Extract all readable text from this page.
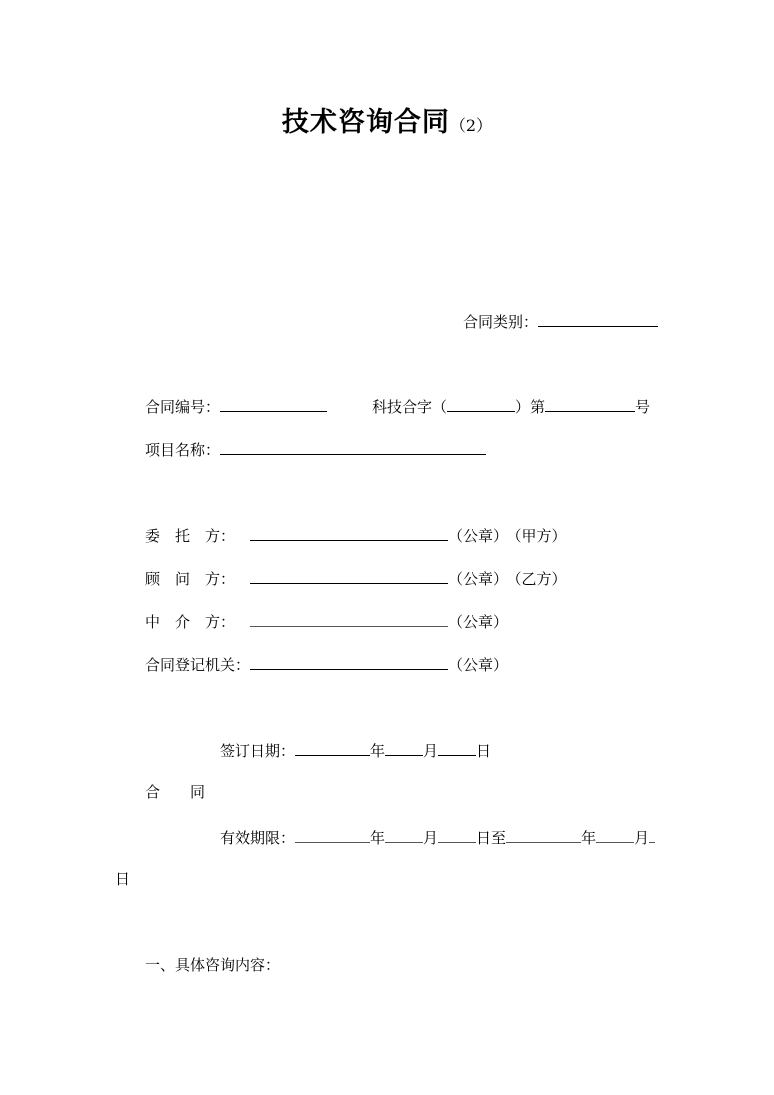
技术咨询合同（2）
合同类别：
合同编号：	科技合字（	）第	号
项目名称：
委　托　方：	（公章） （甲方）
顾　问　方：	（公章） （乙方）
中　介　方：	（公章）
合同登记机关：	（公章）
签订日期：	年	月	日
合　　同
有效期限：	年	月	日至	年	月
日
一、具体咨询内容：
